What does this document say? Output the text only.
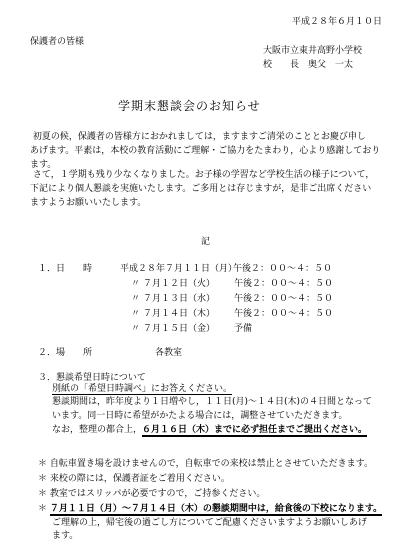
平成２８年６月１０日
保護者の皆様
大阪市立東井高野小学校
校　　長　奥父　一太
学期末懇談会のお知らせ
初夏の候，保護者の皆様方におかれましては，ますますご清栄のこととお慶び申し
あげます。平素は，本校の教育活動にご理解・ご協力をたまわり，心より感謝しており
ます。
さて，１学期も残り少なくなりました。お子様の学習など学校生活の様子について，
下記により個人懇談を実施いたします。ご多用とは存じますが，是非ご出席ください
ますようお願いいたします。
記
１．日　　時	平成２８年７月１１日（月）午後２：００～４：５０
〃 ７月１２日（火） 午後２：００～４：５０
〃 ７月１３日（水） 午後２：００～４：５０
〃 ７月１４日（木） 午後２：００～４：５０
〃 ７月１５日（金） 予備
２．場　　所	各教室
３．懇談希望日時について
別紙の「希望日時調べ」にお答えください。
懇談期間は，昨年度より１日増やし，１１日(月)～１４日(木)の４日間となって
います。同一日時に希望がかたよる場合には，調整させていただきます。
なお，整理の都合上，６月１６日（木）までに必ず担任までご提出ください。
＊ 自転車置き場を設けませんので，自転車での来校は禁止とさせていただきます。
＊ 来校の際には，保護者証をご着用ください。
＊ 教室ではスリッパが必要ですので，ご持参ください。
＊ ７月１１日（月）～７月１４日（木）の懇談期間中は，給食後の下校になります。
ご理解の上，帰宅後の過ごし方についてご配慮くださいますようお願いしあげ
ます。
